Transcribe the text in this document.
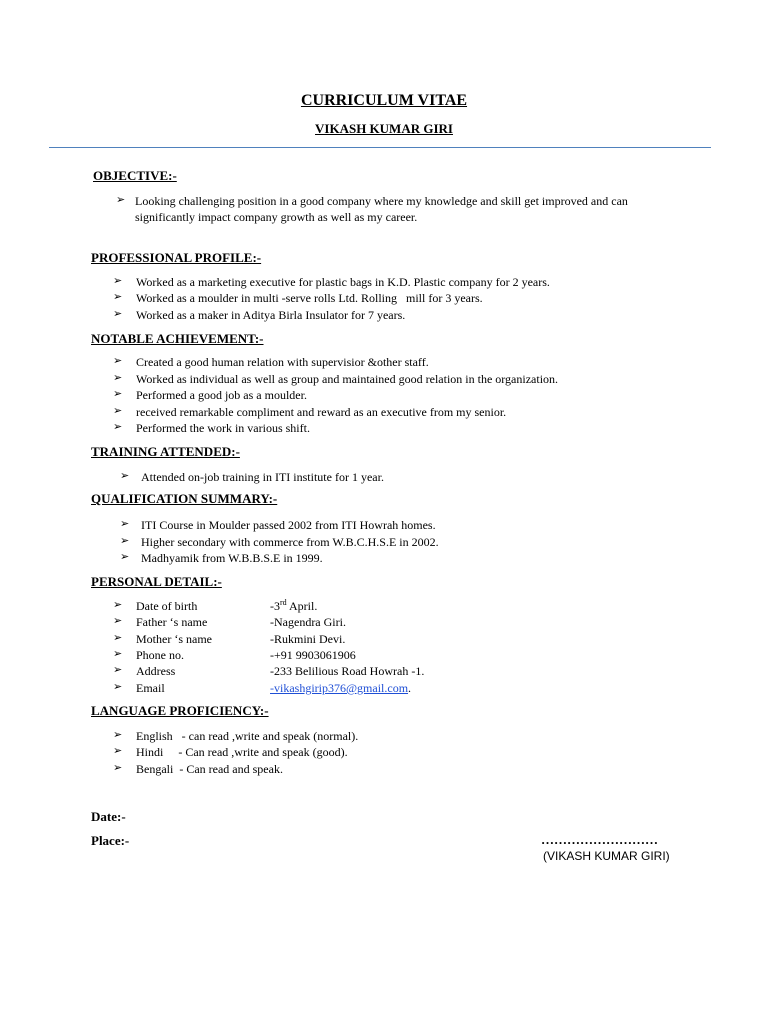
CURRICULUM VITAE
VIKASH KUMAR GIRI
OBJECTIVE:-
➢ Looking challenging position in a good company where my knowledge and skill get improved and can
significantly impact company growth as well as my career.
PROFESSIONAL PROFILE:-
➢ Worked as a marketing executive for plastic bags in K.D. Plastic company for 2 years.
➢ Worked as a moulder in multi -serve rolls Ltd. Rolling   mill for 3 years.
➢ Worked as a maker in Aditya Birla Insulator for 7 years.
NOTABLE ACHIEVEMENT:-
➢ Created a good human relation with supervisior &other staff.
➢ Worked as individual as well as group and maintained good relation in the organization.
➢ Performed a good job as a moulder.
➢ received remarkable compliment and reward as an executive from my senior.
➢ Performed the work in various shift.
TRAINING ATTENDED:-
➢ Attended on-job training in ITI institute for 1 year.
QUALIFICATION SUMMARY:-
➢ ITI Course in Moulder passed 2002 from ITI Howrah homes.
➢ Higher secondary with commerce from W.B.C.H.S.E in 2002.
➢ Madhyamik from W.B.B.S.E in 1999.
PERSONAL DETAIL:-
➢ Date of birth	-3rd April.
➢ Father ‘s name	-Nagendra Giri.
➢ Mother ‘s name	-Rukmini Devi.
➢ Phone no.	-+91 9903061906
➢ Address	-233 Belilious Road Howrah -1.
➢ Email	-vikashgirip376@gmail.com.
LANGUAGE PROFICIENCY:-
➢ English   - can read ,write and speak (normal).
➢ Hindi     - Can read ,write and speak (good).
➢ Bengali  - Can read and speak.
Date:-
Place:-	………………………
(VIKASH KUMAR GIRI)
